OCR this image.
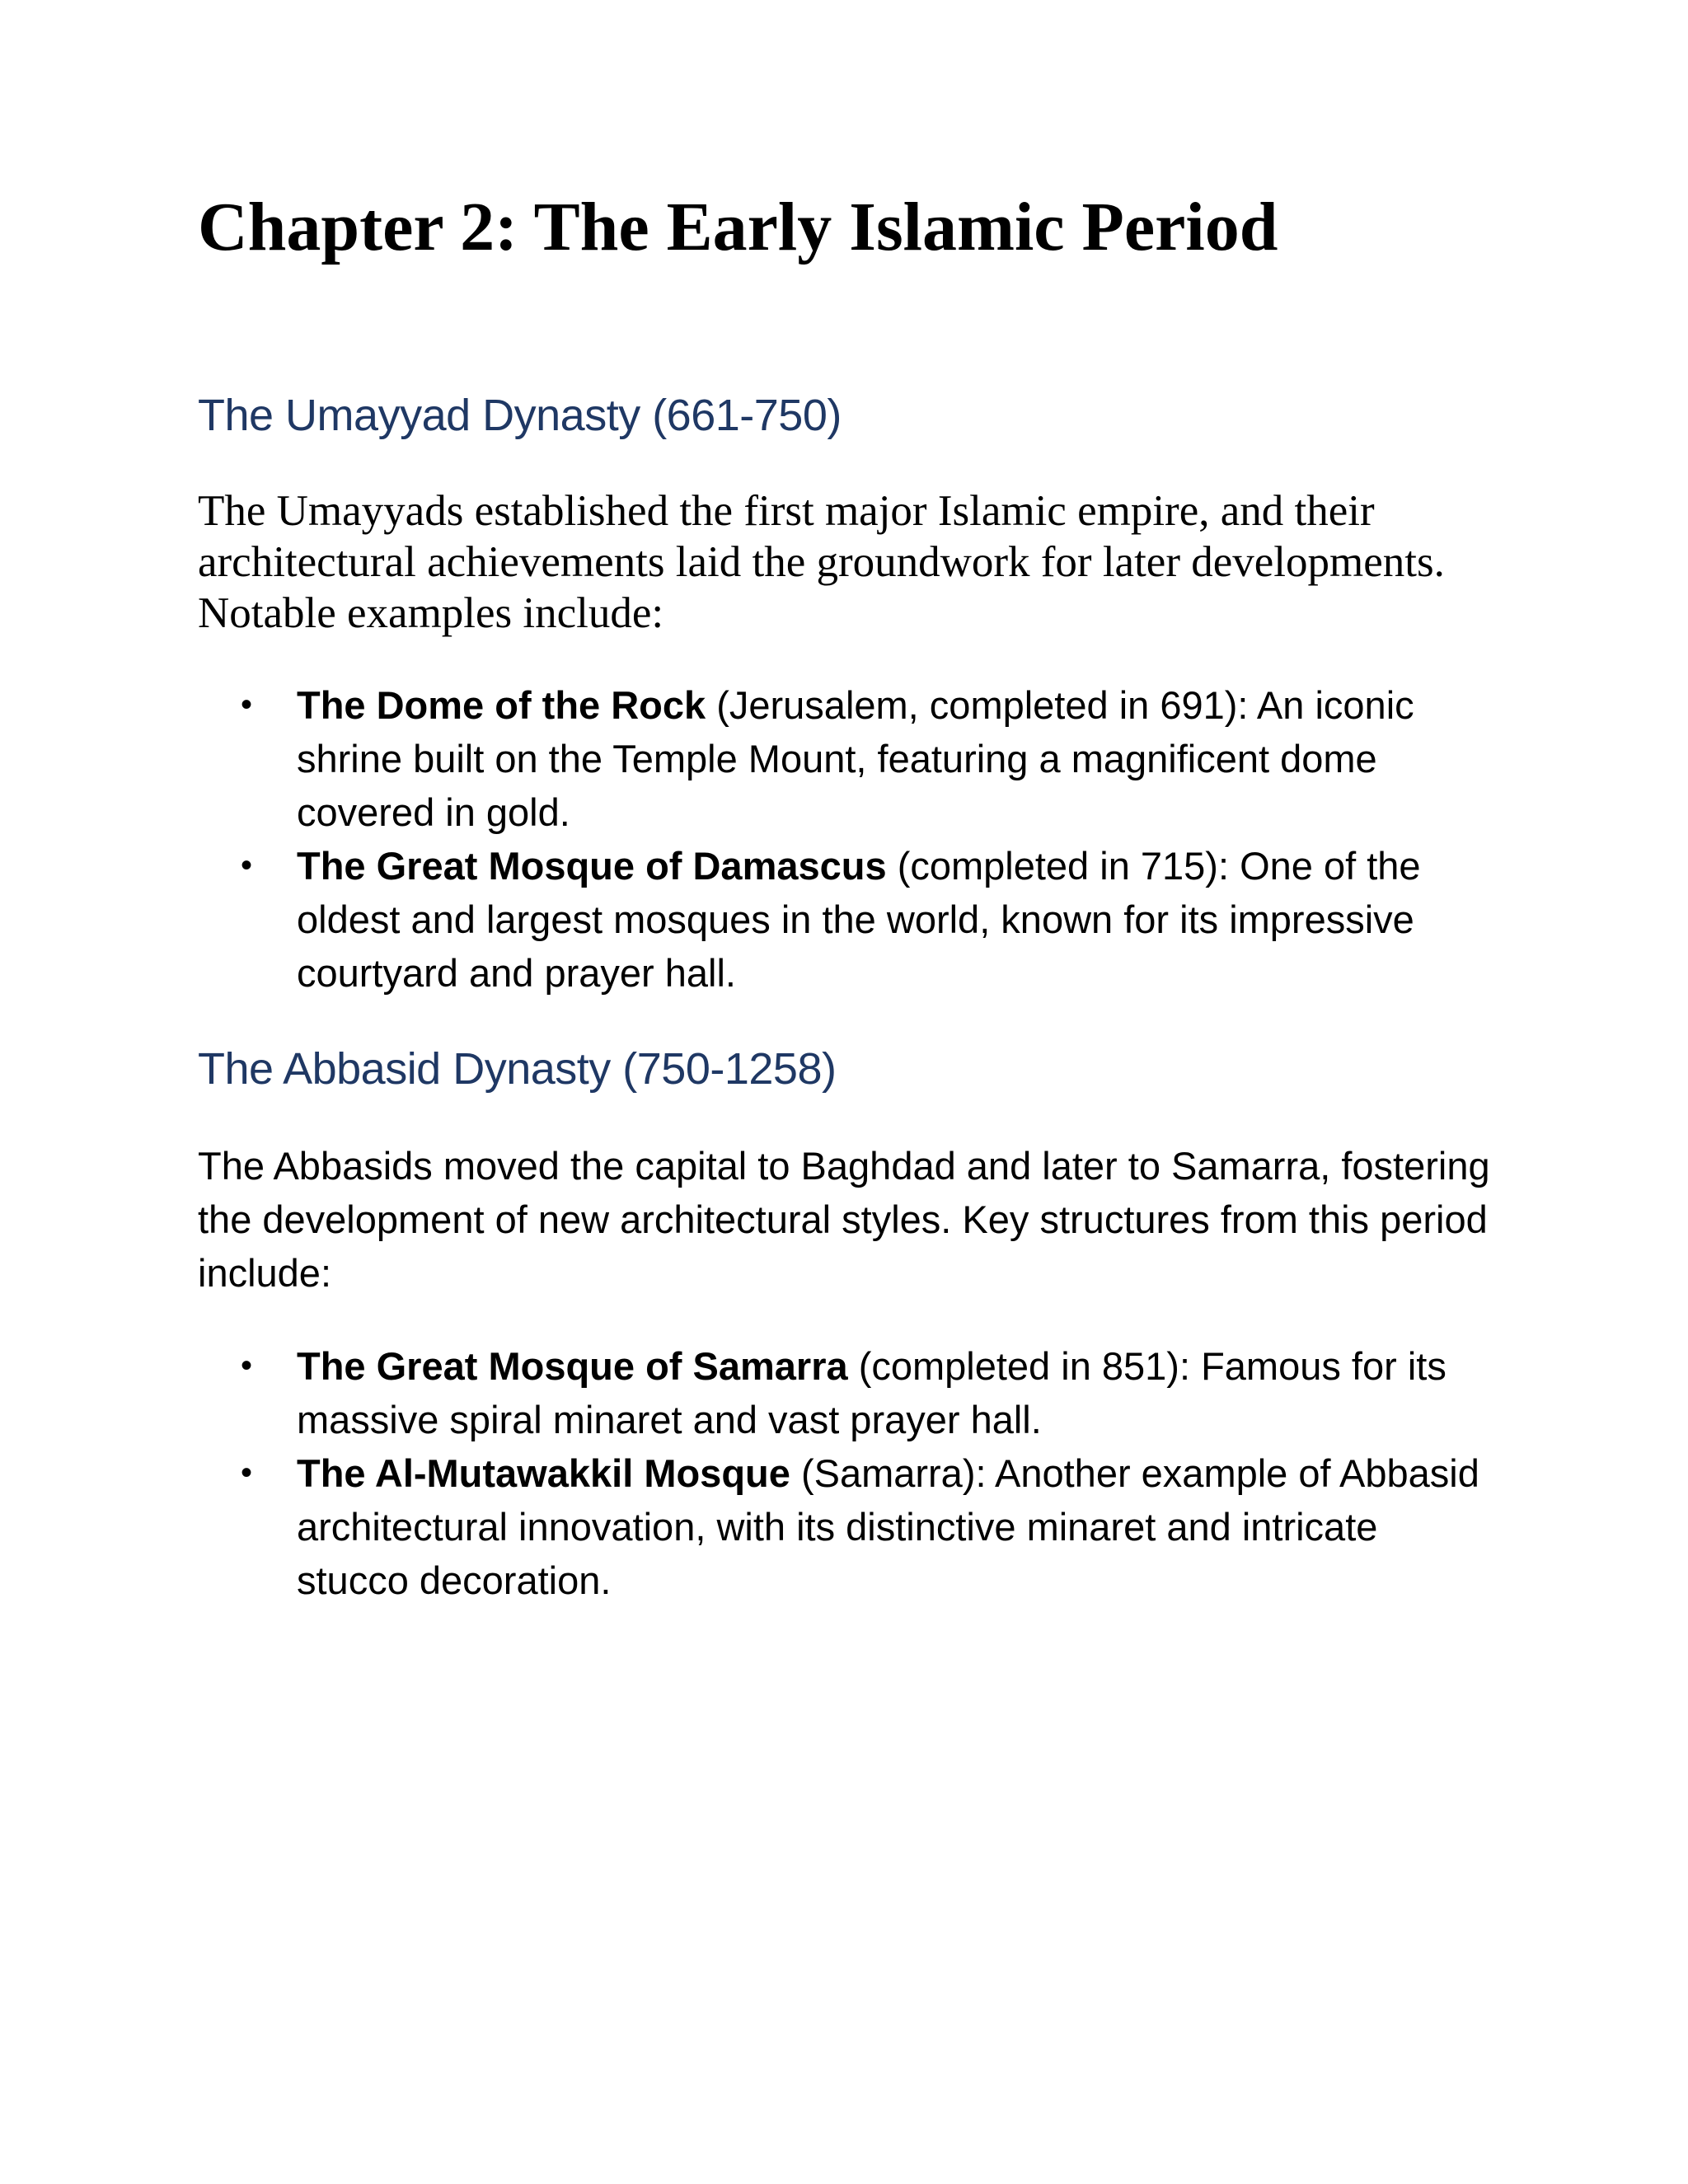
Chapter 2: The Early Islamic Period
The Umayyad Dynasty (661-750)

The Umayyads established the first major Islamic empire, and their architectural achievements laid the groundwork for later developments. Notable examples include:

• The Dome of the Rock (Jerusalem, completed in 691): An iconic shrine built on the Temple Mount, featuring a magnificent dome covered in gold.
• The Great Mosque of Damascus (completed in 715): One of the oldest and largest mosques in the world, known for its impressive courtyard and prayer hall.
The Abbasid Dynasty (750-1258)

The Abbasids moved the capital to Baghdad and later to Samarra, fostering the development of new architectural styles. Key structures from this period include:

• The Great Mosque of Samarra (completed in 851): Famous for its massive spiral minaret and vast prayer hall.
• The Al-Mutawakkil Mosque (Samarra): Another example of Abbasid architectural innovation, with its distinctive minaret and intricate stucco decoration.
